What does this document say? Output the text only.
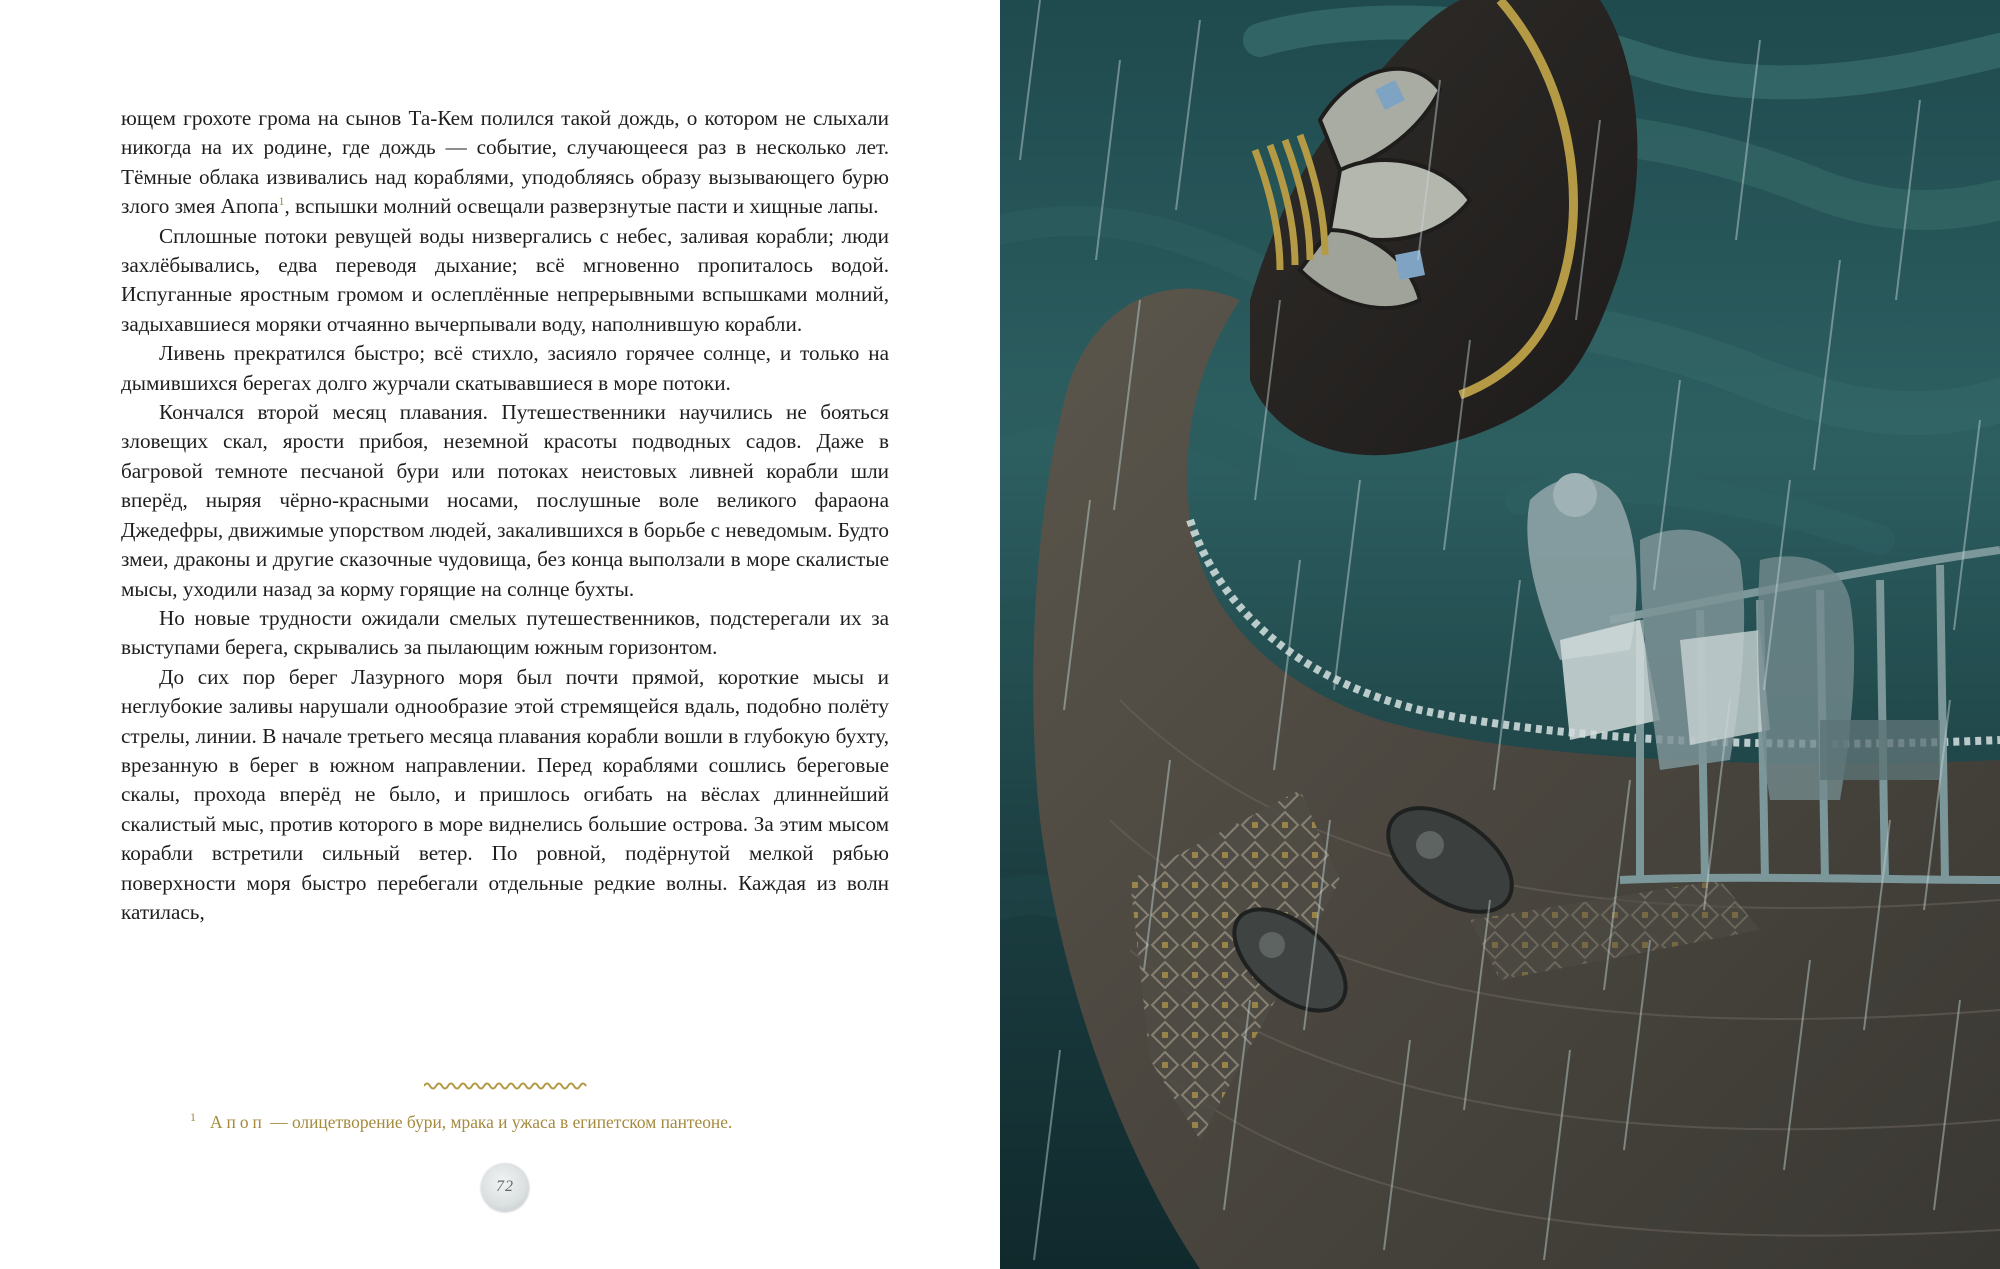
ющем грохоте грома на сынов Та-Кем полился такой дождь, о котором не слыхали никогда на их родине, где дождь — событие, случающееся раз в несколько лет. Тёмные облака извивались над кораблями, уподобляясь образу вызывающего бурю злого змея Апопа$^1$, вспышки молний освещали разверзнутые пасти и хищные лапы.

Сплошные потоки ревущей воды низвергались с небес, заливая корабли; люди захлёбывались, едва переводя дыхание; всё мгновенно пропиталось водой. Испуганные яростным громом и ослеплённые непрерывными вспышками молний, задыхавшиеся моряки отчаянно вычерпывали воду, наполнившую корабли.

Ливень прекратился быстро; всё стихло, засияло горячее солнце, и только на дымившихся берегах долго журчали скатывавшиеся в море потоки.

Кончался второй месяц плавания. Путешественники научились не бояться зловещих скал, ярости прибоя, неземной красоты подводных садов. Даже в багровой темноте песчаной бури или потоках неистовых ливней корабли шли вперёд, ныряя чёрно-красными носами, послушные воле великого фараона Джедефры, движимые упорством людей, закалившихся в борьбе с неведомым. Будто змеи, драконы и другие сказочные чудовища, без конца выползали в море скалистые мысы, уходили назад за корму горящие на солнце бухты.

Но новые трудности ожидали смелых путешественников, подстерегали их за выступами берега, скрывались за пылающим южным горизонтом.

До сих пор берег Лазурного моря был почти прямой, короткие мысы и неглубокие заливы нарушали однообразие этой стремящейся вдаль, подобно полёту стрелы, линии. В начале третьего месяца плавания корабли вошли в глубокую бухту, врезанную в берег в южном направлении. Перед кораблями сошлись береговые скалы, прохода вперёд не было, и пришлось огибать на вёслах длиннейший скалистый мыс, против которого в море виднелись большие острова. За этим мысом корабли встретили сильный ветер. По ровной, подёрнутой мелкой рябью поверхности моря быстро перебегали отдельные редкие волны. Каждая из волн катилась,

$^1$ Апоп — олицетворение бури, мрака и ужаса в египетском пантеоне.
72
